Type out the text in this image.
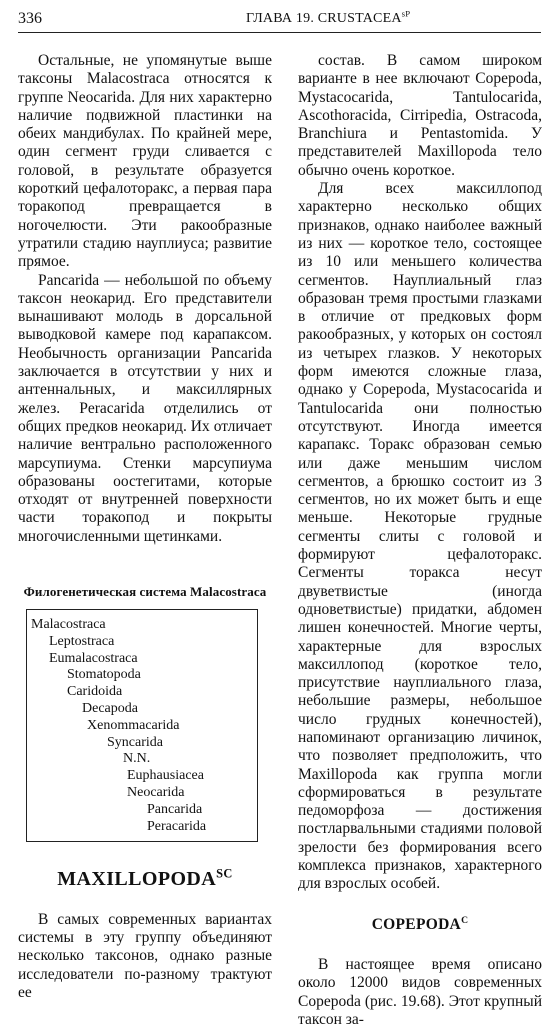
336	ГЛАВА 19. $CRUSTACEA^{sP}$

Остальные, не упомянутые выше таксоны Malacostraca относятся к группе Neocarida. Для них характерно наличие подвижной пластинки на обеих мандибулах. По крайней мере, один сегмент груди сливается с головой, в результате образуется короткий цефалоторакс, а первая пара торакопод превращается в ногочелюсти. Эти ракообразные утратили стадию науплиуса; развитие прямое.

Pancarida — небольшой по объему таксон неокарид. Его представители вынашивают молодь в дорсальной выводковой камере под карапаксом. Необычность организации Pancarida заключается в отсутствии у них и антеннальных, и максиллярных желез. Peracarida отделились от общих предков неокарид. Их отличает наличие вентрально расположенного марсупиума. Стенки марсупиума образованы оостегитами, которые отходят от внутренней поверхности части торакопод и покрыты многочисленными щетинками.

Филогенетическая система Malacostraca
Malacostraca
Leptostraca
Eumalacostraca
Stomatopoda
Caridoida
Decapoda
Xenommacarida
Syncarida
N.N.
Euphausiacea
Neocarida
Pancarida
Peracarida
$MAXILLOPODA^{SC}$

В самых современных вариантах системы в эту группу объединяют несколько таксонов, однако разные исследователи по-разному трактуют ее

состав. В самом широком варианте в нее включают Copepoda, Mystacocarida, Tantulocarida, Ascothoracida, Cirripedia, Ostracoda, Branchiura и Pentastomida. У представителей Maxillopoda тело обычно очень короткое.

Для всех максиллопод характерно несколько общих признаков, однако наиболее важный из них — короткое тело, состоящее из 10 или меньшего количества сегментов. Науплиальный глаз образован тремя простыми глазками в отличие от предковых форм ракообразных, у которых он состоял из четырех глазков. У некоторых форм имеются сложные глаза, однако у Copepoda, Mystacocarida и Tantulocarida они полностью отсутствуют. Иногда имеется карапакс. Торакс образован семью или даже меньшим числом сегментов, а брюшко состоит из 3 сегментов, но их может быть и еще меньше. Некоторые грудные сегменты слиты с головой и формируют цефалоторакс. Сегменты торакса несут двуветвистые (иногда одноветвистые) придатки, абдомен лишен конечностей. Многие черты, характерные для взрослых максиллопод (короткое тело, присутствие науплиального глаза, небольшие размеры, небольшое число грудных конечностей), напоминают организацию личинок, что позволяет предположить, что Maxillopoda как группа могли сформироваться в результате педоморфоза — достижения постларвальными стадиями половой зрелости без формирования всего комплекса признаков, характерного для взрослых особей.

$COPEPODA^C$

В настоящее время описано около 12000 видов современных Copepoda (рис. 19.68). Этот крупный таксон за-
